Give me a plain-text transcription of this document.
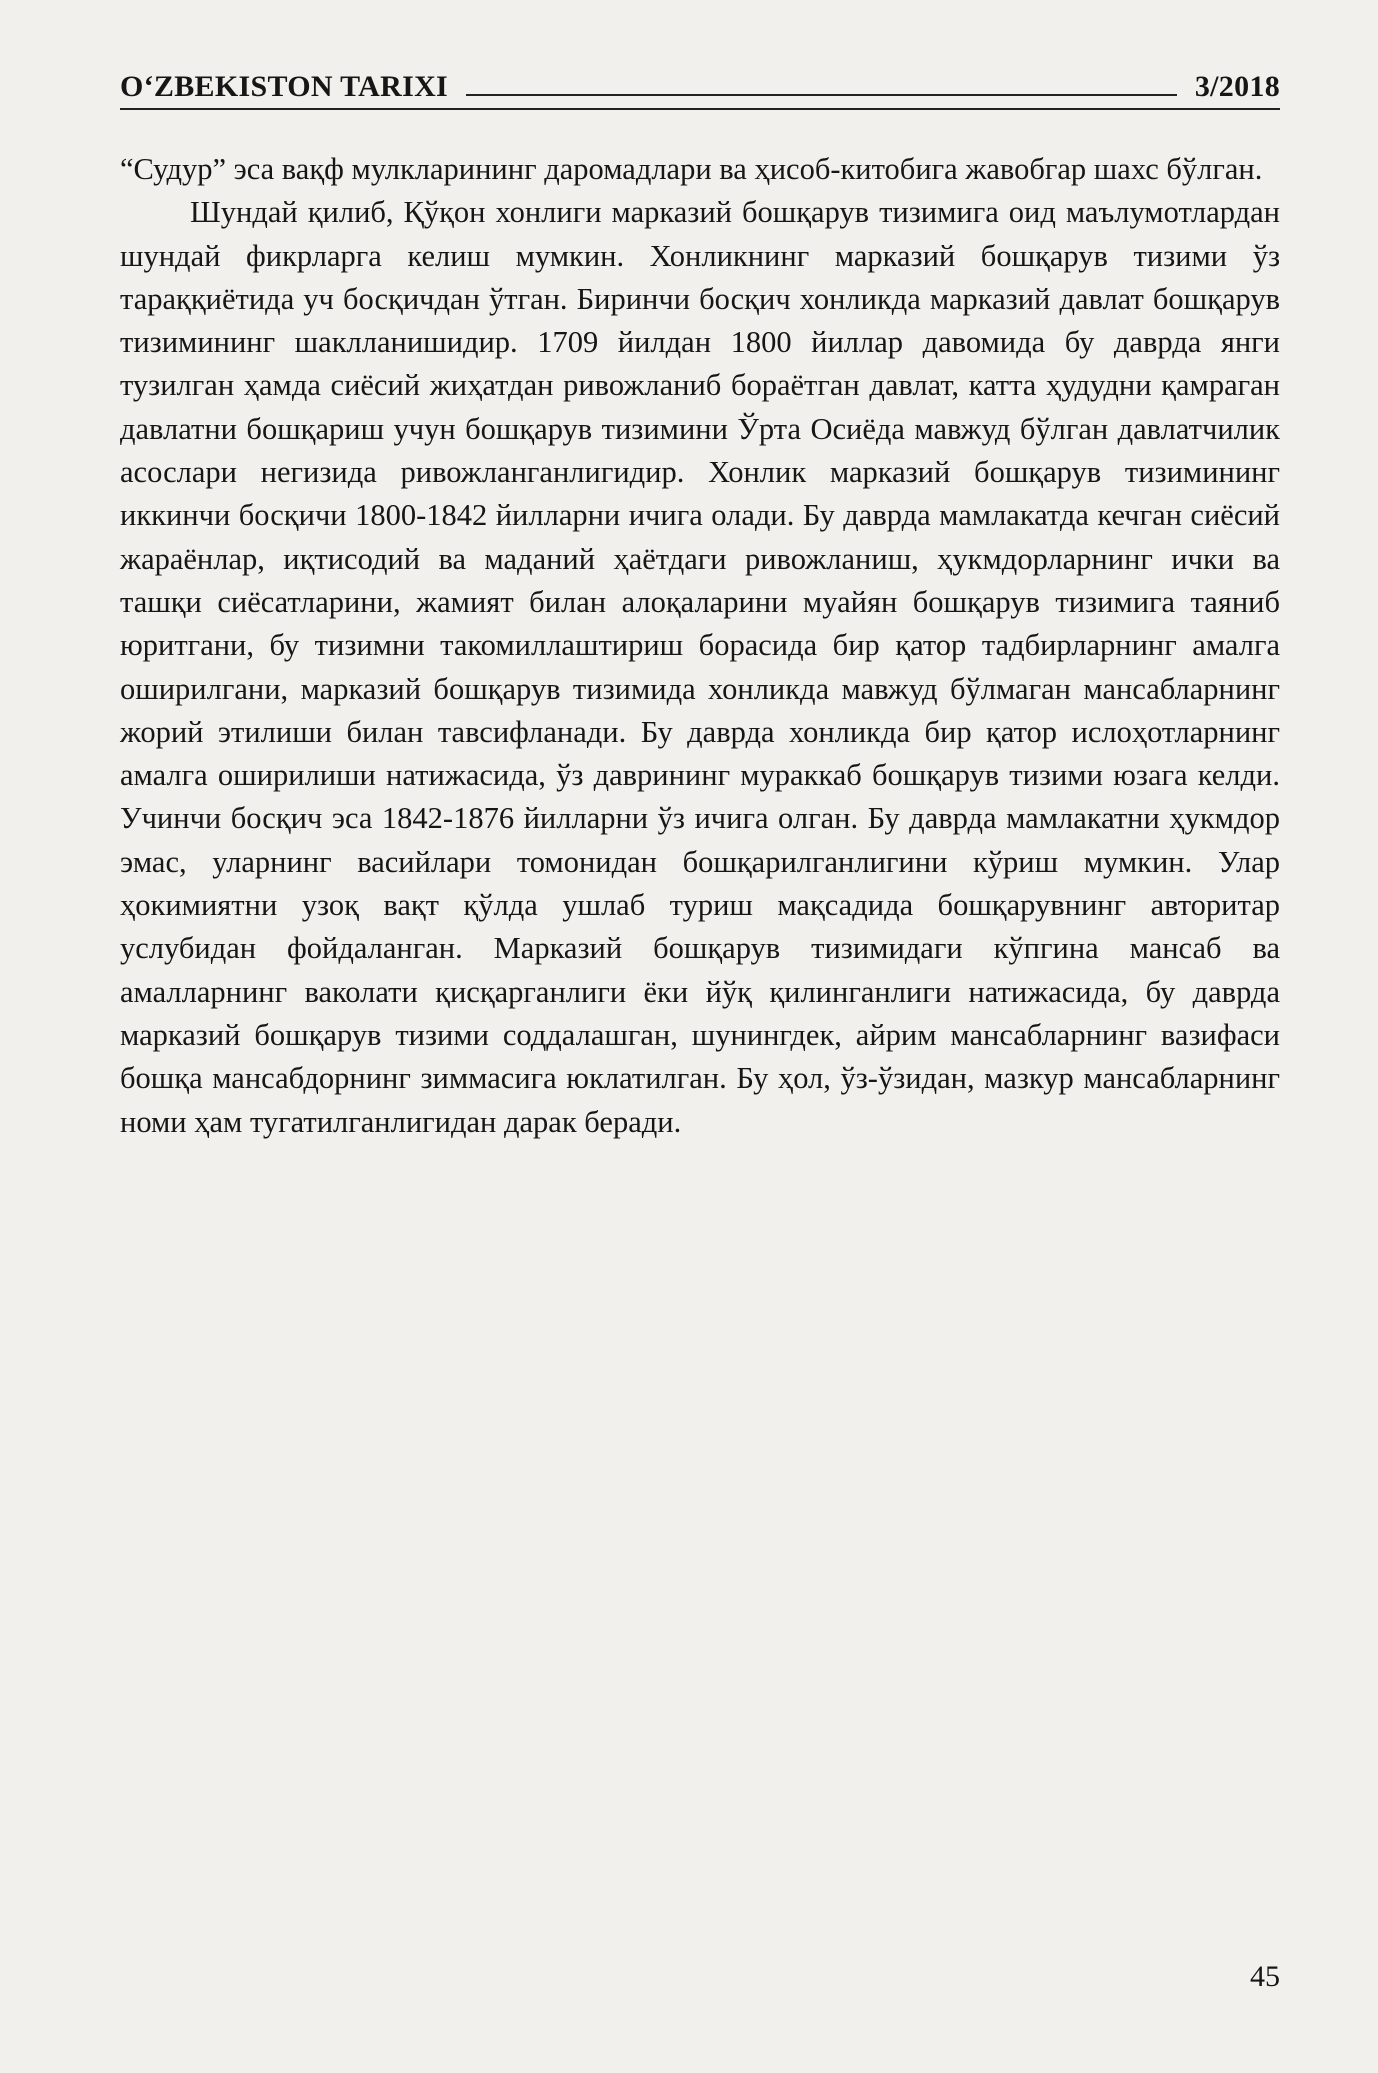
O‘ZBEKISTON TARIXI	3/2018

“Судур” эса вақф мулкларининг даромадлари ва ҳисоб-китобига жавобгар шахс бўлган.

Шундай қилиб, Қўқон хонлиги марказий бошқарув тизимига оид маълумотлардан шундай фикрларга келиш мумкин. Хонликнинг марказий бошқарув тизими ўз тараққиётида уч босқичдан ўтган. Биринчи босқич хонликда марказий давлат бошқарув тизимининг шаклланишидир. 1709 йилдан 1800 йиллар давомида бу даврда янги тузилган ҳамда сиёсий жиҳатдан ривожланиб бораётган давлат, катта ҳудудни қамраган давлатни бошқариш учун бошқарув тизимини Ўрта Осиёда мавжуд бўлган давлатчилик асослари негизида ривожланганлигидир. Хонлик марказий бошқарув тизимининг иккинчи босқичи 1800-1842 йилларни ичига олади. Бу даврда мамлакатда кечган сиёсий жараёнлар, иқтисодий ва маданий ҳаётдаги ривожланиш, ҳукмдорларнинг ички ва ташқи сиёсатларини, жамият билан алоқаларини муайян бошқарув тизимига таяниб юритгани, бу тизимни такомиллаштириш борасида бир қатор тадбирларнинг амалга оширилгани, марказий бошқарув тизимида хонликда мавжуд бўлмаган мансабларнинг жорий этилиши билан тавсифланади. Бу даврда хонликда бир қатор ислоҳотларнинг амалга оширилиши натижасида, ўз даврининг мураккаб бошқарув тизими юзага келди. Учинчи босқич эса 1842-1876 йилларни ўз ичига олган. Бу даврда мамлакатни ҳукмдор эмас, уларнинг васийлари томонидан бошқарилганлигини кўриш мумкин. Улар ҳокимиятни узоқ вақт қўлда ушлаб туриш мақсадида бошқарувнинг авторитар услубидан фойдаланган. Марказий бошқарув тизимидаги кўпгина мансаб ва амалларнинг ваколати қисқарганлиги ёки йўқ қилинганлиги натижасида, бу даврда марказий бошқарув тизими соддалашган, шунингдек, айрим мансабларнинг вазифаси бошқа мансабдорнинг зиммасига юклатилган. Бу ҳол, ўз-ўзидан, мазкур мансабларнинг номи ҳам тугатилганлигидан дарак беради.

45
